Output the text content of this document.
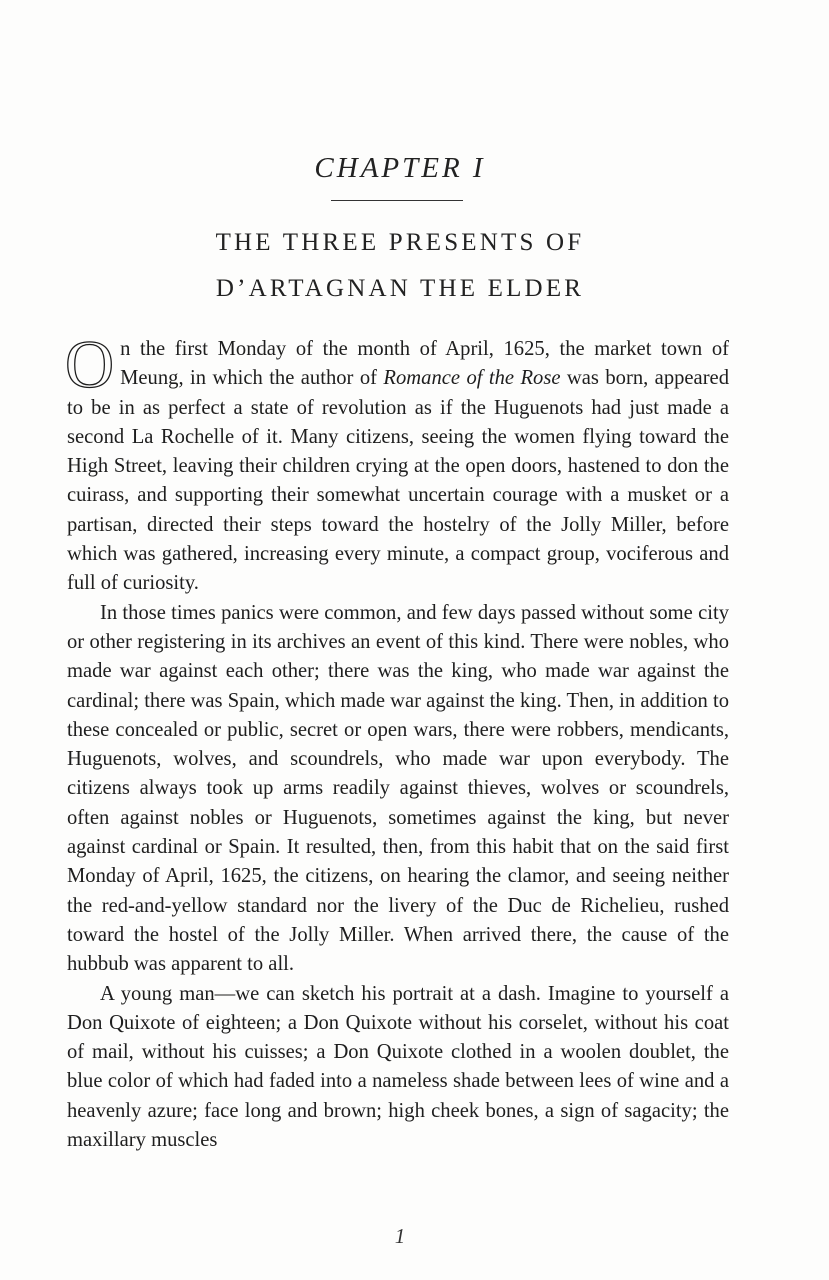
CHAPTER I
THE THREE PRESENTS OF
D’ARTAGNAN THE ELDER

On the first Monday of the month of April, 1625, the market town of Meung, in which the author of Romance of the Rose was born, appeared to be in as perfect a state of revolution as if the Huguenots had just made a second La Rochelle of it. Many citizens, seeing the women flying toward the High Street, leaving their children crying at the open doors, hastened to don the cuirass, and supporting their somewhat uncertain courage with a musket or a partisan, directed their steps toward the hostelry of the Jolly Miller, before which was gathered, increasing every minute, a compact group, vociferous and full of curiosity.

In those times panics were common, and few days passed without some city or other registering in its archives an event of this kind. There were nobles, who made war against each other; there was the king, who made war against the cardinal; there was Spain, which made war against the king. Then, in addition to these concealed or public, secret or open wars, there were robbers, mendicants, Huguenots, wolves, and scoundrels, who made war upon everybody. The citizens always took up arms readily against thieves, wolves or scoundrels, often against nobles or Huguenots, sometimes against the king, but never against cardinal or Spain. It resulted, then, from this habit that on the said first Monday of April, 1625, the citizens, on hearing the clamor, and seeing neither the red-and-yellow standard nor the livery of the Duc de Richelieu, rushed toward the hostel of the Jolly Miller. When arrived there, the cause of the hubbub was apparent to all.

A young man—we can sketch his portrait at a dash. Imagine to yourself a Don Quixote of eighteen; a Don Quixote without his corselet, without his coat of mail, without his cuisses; a Don Quixote clothed in a woolen doublet, the blue color of which had faded into a nameless shade between lees of wine and a heavenly azure; face long and brown; high cheek bones, a sign of sagacity; the maxillary muscles

1
